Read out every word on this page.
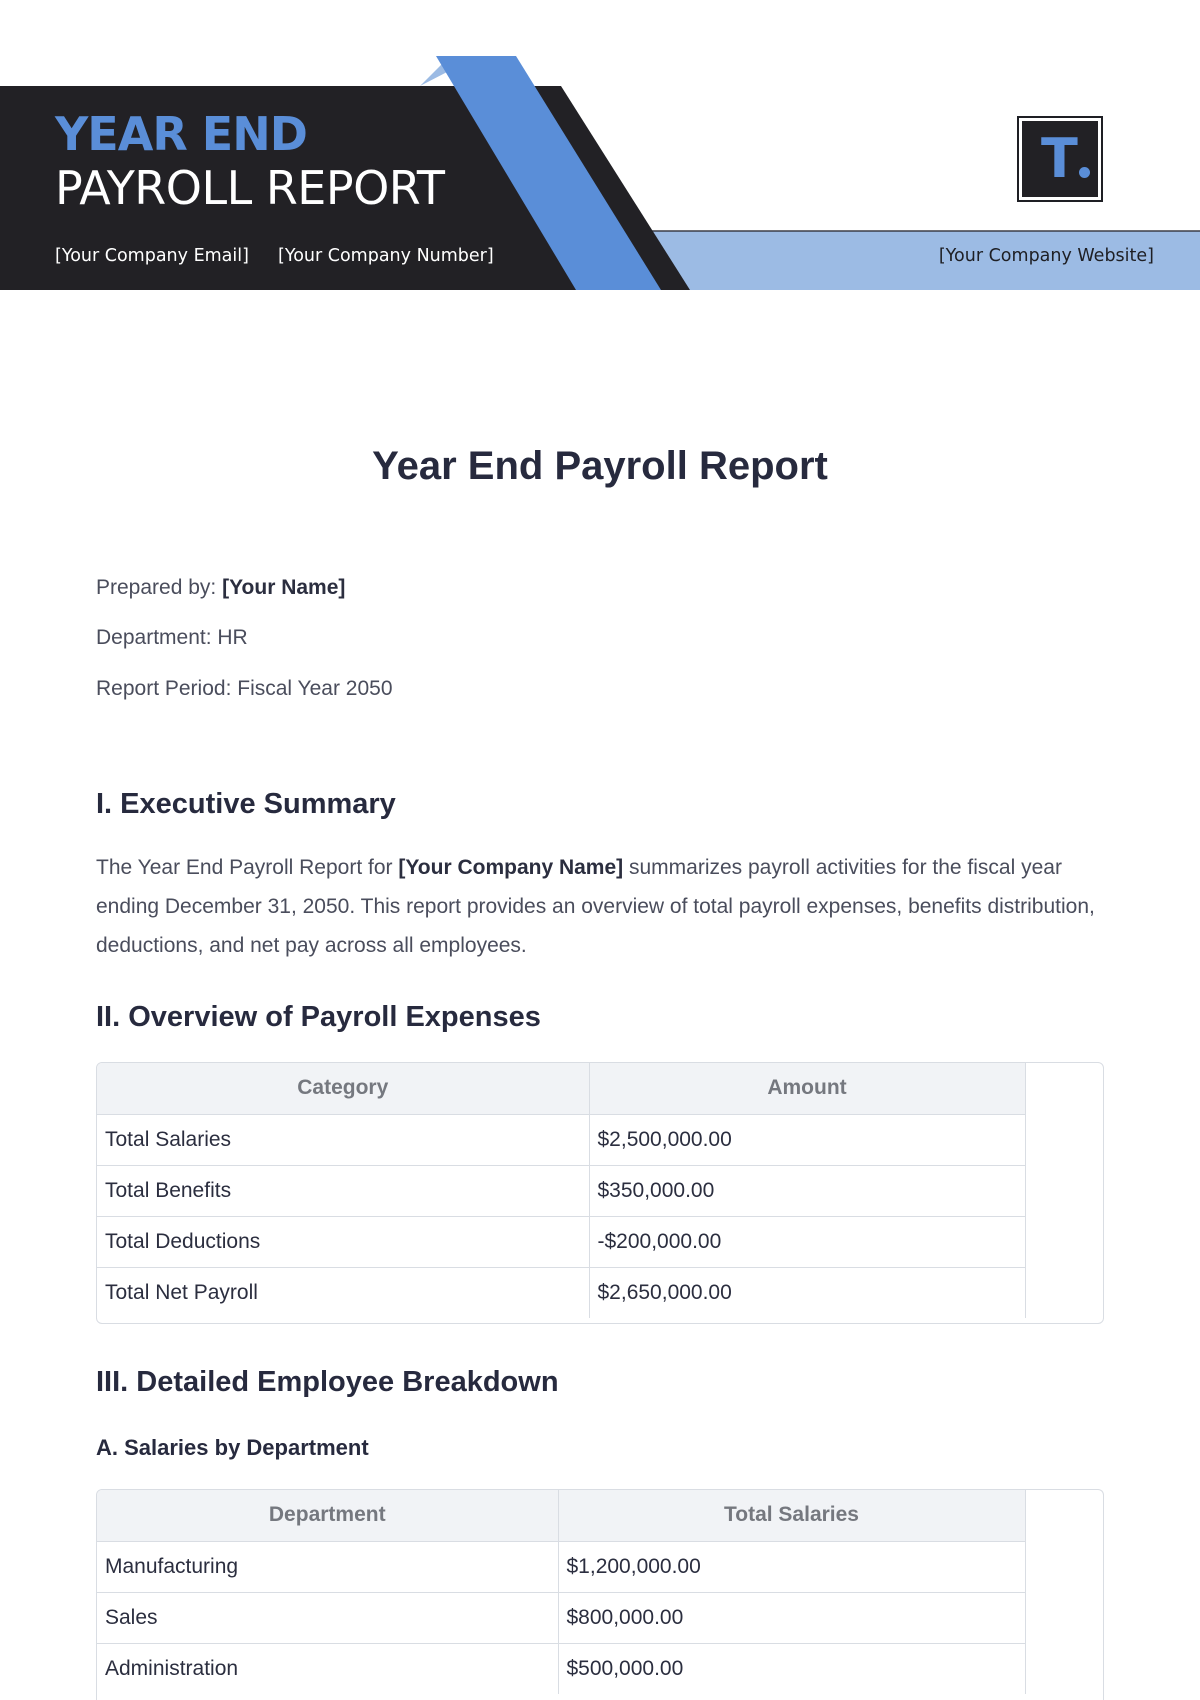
YEAR END

PAYROLL REPORT

[Your Company Email] [Your Company Number]	[Your Company Website]

T
Year End Payroll Report

Prepared by: [Your Name]

Department: HR

Report Period: Fiscal Year 2050

I. Executive Summary

The Year End Payroll Report for [Your Company Name] summarizes payroll activities for the fiscal year ending December 31, 2050. This report provides an overview of total payroll expenses, benefits distribution, deductions, and net pay across all employees.

II. Overview of Payroll Expenses
Category	Amount
Total Salaries	$2,500,000.00
Total Benefits	$350,000.00
Total Deductions	-$200,000.00
Total Net Payroll	$2,650,000.00
III. Detailed Employee Breakdown
A. Salaries by Department
Department	Total Salaries
Manufacturing	$1,200,000.00
Sales	$800,000.00
Administration	$500,000.00
